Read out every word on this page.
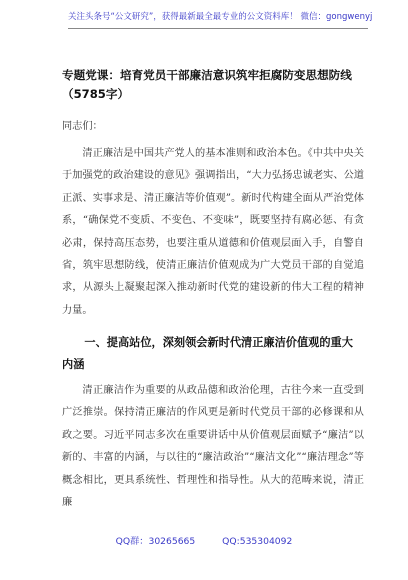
关注头条号“公文研究”，获得最新最全最专业的公文资料库！ 微信：gongwenyj
专题党课：培育党员干部廉洁意识筑牢拒腐防变思想防线（5785字）
同志们：
清正廉洁是中国共产党人的基本准则和政治本色。《中共中央关于加强党的政治建设的意见》强调指出，“大力弘扬忠诚老实、公道正派、实事求是、清正廉洁等价值观”。新时代构建全面从严治党体系，“确保党不变质、不变色、不变味”，既要坚持有腐必惩、有贪必肃，保持高压态势，也要注重从道德和价值观层面入手，自警自省，筑牢思想防线，使清正廉洁价值观成为广大党员干部的自觉追求，从源头上凝聚起深入推动新时代党的建设新的伟大工程的精神力量。
一、提高站位，深刻领会新时代清正廉洁价值观的重大内涵
清正廉洁作为重要的从政品德和政治伦理，古往今来一直受到广泛推崇。保持清正廉洁的作风更是新时代党员干部的必修课和从政之要。习近平同志多次在重要讲话中从价值观层面赋予“廉洁”以新的、丰富的内涵，与以往的“廉洁政治”“廉洁文化”“廉洁理念”等概念相比，更具系统性、哲理性和指导性。从大的范畴来说，清正廉
QQ群：30265665	QQ:535304092
